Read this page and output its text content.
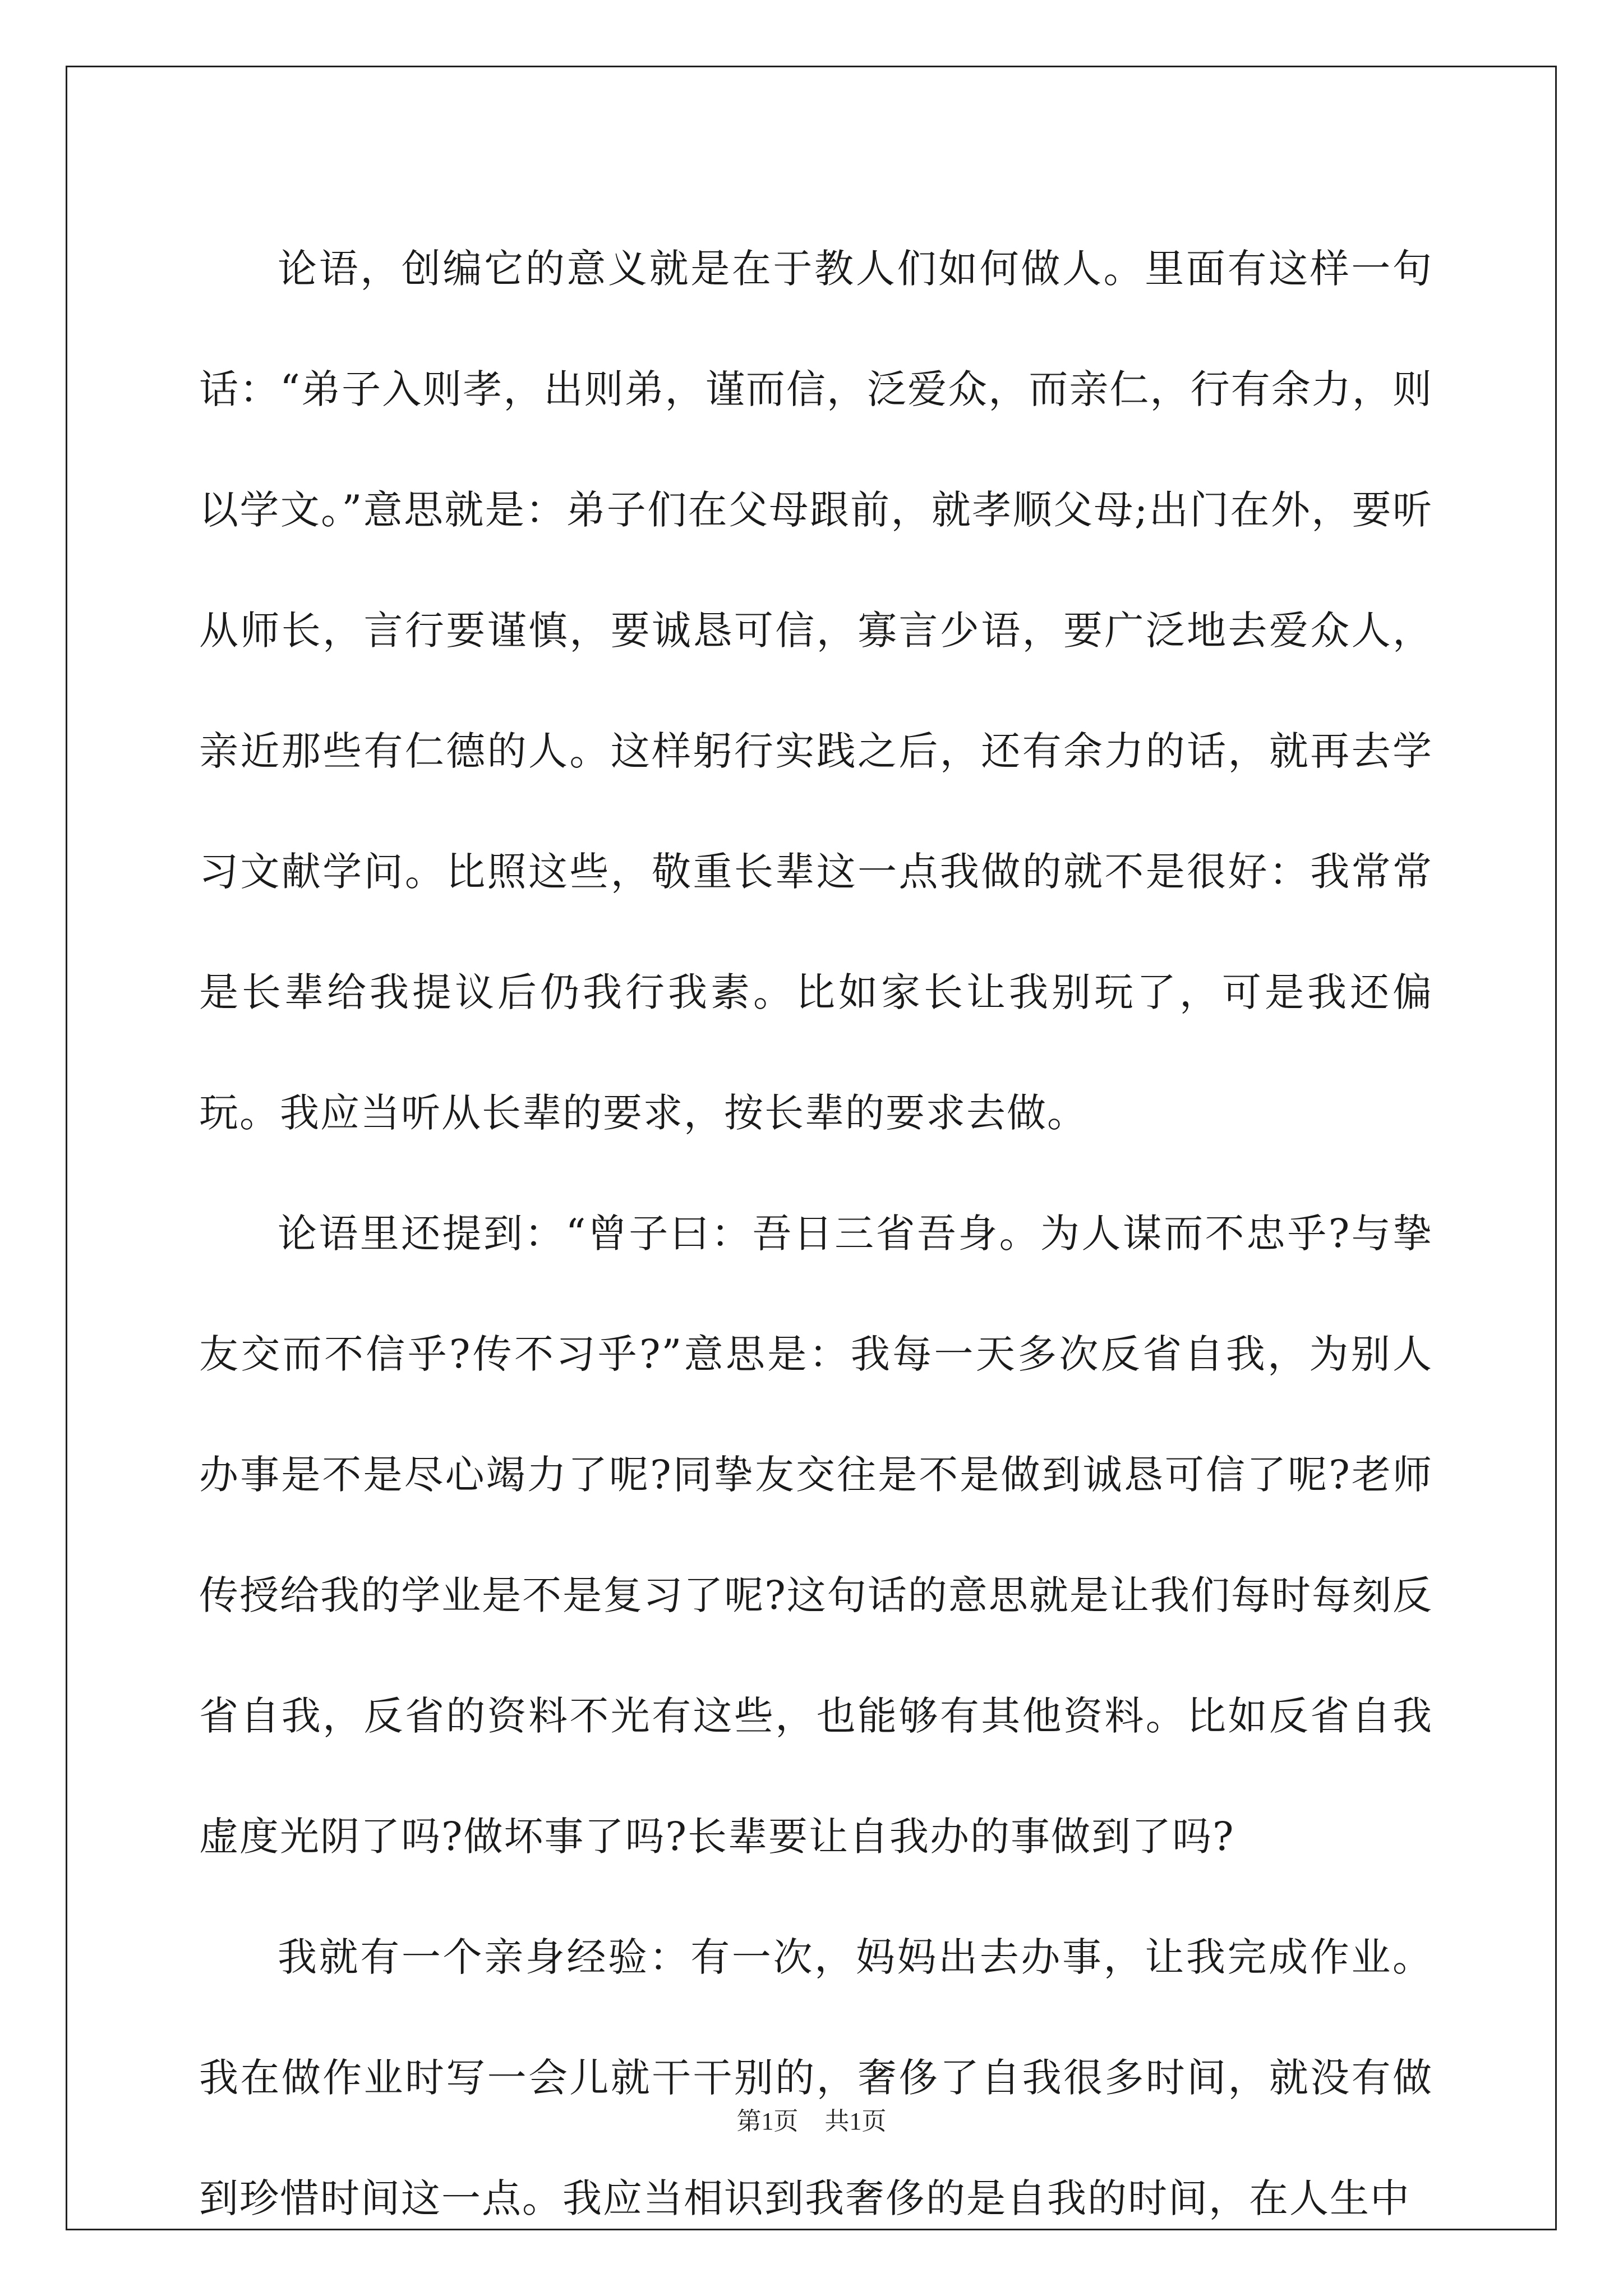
论语，创编它的意义就是在于教人们如何做人。里面有这样一句话：“弟子入则孝，出则弟，谨而信，泛爱众，而亲仁，行有余力，则以学文。”意思就是：弟子们在父母跟前，就孝顺父母;出门在外，要听从师长，言行要谨慎，要诚恳可信，寡言少语，要广泛地去爱众人，亲近那些有仁德的人。这样躬行实践之后，还有余力的话，就再去学习文献学问。比照这些，敬重长辈这一点我做的就不是很好：我常常是长辈给我提议后仍我行我素。比如家长让我别玩了，可是我还偏玩。我应当听从长辈的要求，按长辈的要求去做。

论语里还提到：“曾子曰：吾日三省吾身。为人谋而不忠乎?与挚友交而不信乎?传不习乎?”意思是：我每一天多次反省自我，为别人办事是不是尽心竭力了呢?同挚友交往是不是做到诚恳可信了呢?老师传授给我的学业是不是复习了呢?这句话的意思就是让我们每时每刻反省自我，反省的资料不光有这些，也能够有其他资料。比如反省自我虚度光阴了吗?做坏事了吗?长辈要让自我办的事做到了吗?

我就有一个亲身经验：有一次，妈妈出去办事，让我完成作业。我在做作业时写一会儿就干干别的，奢侈了自我很多时间，就没有做到珍惜时间这一点。我应当相识到我奢侈的是自我的时间，在人生中

第1页 共1页
